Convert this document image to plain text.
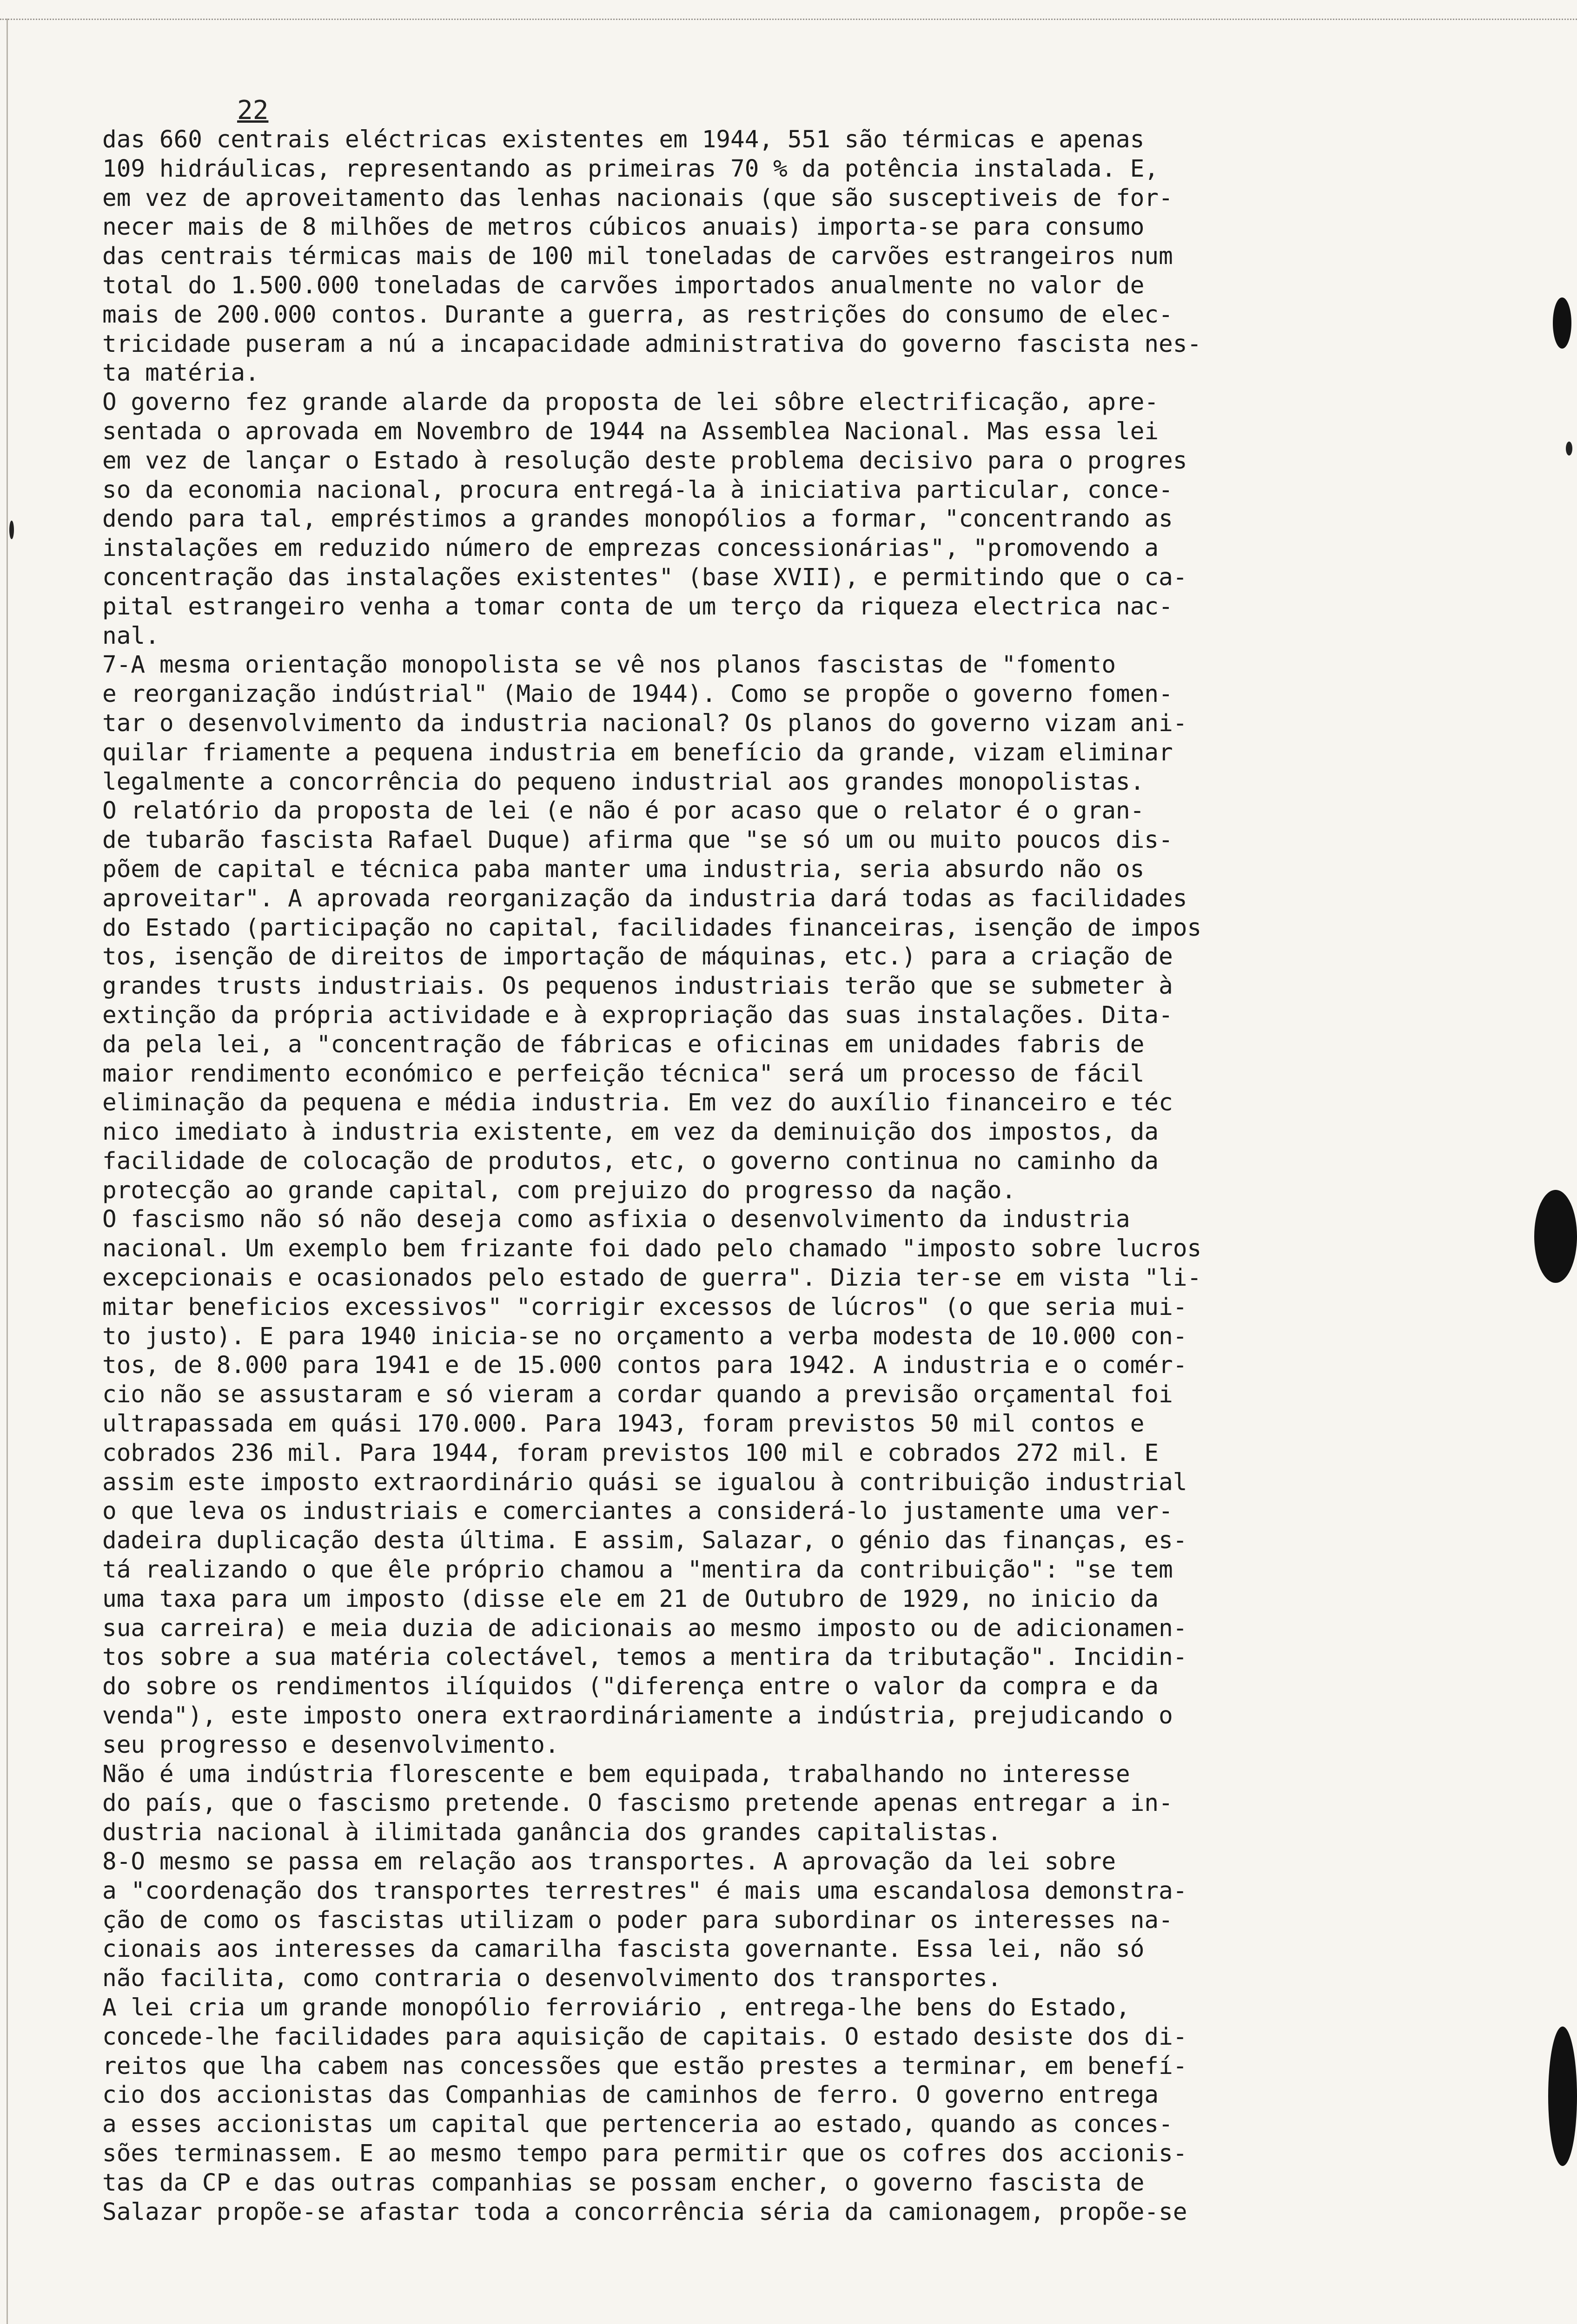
22
das 660 centrais eléctricas existentes em 1944, 551 são térmicas e apenas
109 hidráulicas, representando as primeiras 70 % da potência instalada. E,
em vez de aproveitamento das lenhas nacionais (que são susceptiveis de for-
necer mais de 8 milhões de metros cúbicos anuais) importa-se para consumo
das centrais térmicas mais de 100 mil toneladas de carvões estrangeiros num
total do 1.500.000 toneladas de carvões importados anualmente no valor de
mais de 200.000 contos. Durante a guerra, as restrições do consumo de elec-
tricidade puseram a nú a incapacidade administrativa do governo fascista nes-
ta matéria.
O governo fez grande alarde da proposta de lei sôbre electrificação, apre-
sentada o aprovada em Novembro de 1944 na Assemblea Nacional. Mas essa lei
em vez de lançar o Estado à resolução deste problema decisivo para o progres
so da economia nacional, procura entregá-la à iniciativa particular, conce-
dendo para tal, empréstimos a grandes monopólios a formar, "concentrando as
instalações em reduzido número de emprezas concessionárias", "promovendo a
concentração das instalações existentes" (base XVII), e permitindo que o ca-
pital estrangeiro venha a tomar conta de um terço da riqueza electrica nac-
nal.
7-A mesma orientação monopolista se vê nos planos fascistas de "fomento
e reorganização indústrial" (Maio de 1944). Como se propõe o governo fomen-
tar o desenvolvimento da industria nacional? Os planos do governo vizam ani-
quilar friamente a pequena industria em benefício da grande, vizam eliminar
legalmente a concorrência do pequeno industrial aos grandes monopolistas.
O relatório da proposta de lei (e não é por acaso que o relator é o gran-
de tubarão fascista Rafael Duque) afirma que "se só um ou muito poucos dis-
põem de capital e técnica paba manter uma industria, seria absurdo não os
aproveitar". A aprovada reorganização da industria dará todas as facilidades
do Estado (participação no capital, facilidades financeiras, isenção de impos
tos, isenção de direitos de importação de máquinas, etc.) para a criação de
grandes trusts industriais. Os pequenos industriais terão que se submeter à
extinção da própria actividade e à expropriação das suas instalações. Dita-
da pela lei, a "concentração de fábricas e oficinas em unidades fabris de
maior rendimento económico e perfeição técnica" será um processo de fácil
eliminação da pequena e média industria. Em vez do auxílio financeiro e téc
nico imediato à industria existente, em vez da deminuição dos impostos, da
facilidade de colocação de produtos, etc, o governo continua no caminho da
protecção ao grande capital, com prejuizo do progresso da nação.
O fascismo não só não deseja como asfixia o desenvolvimento da industria
nacional. Um exemplo bem frizante foi dado pelo chamado "imposto sobre lucros
excepcionais e ocasionados pelo estado de guerra". Dizia ter-se em vista "li-
mitar beneficios excessivos" "corrigir excessos de lúcros" (o que seria mui-
to justo). E para 1940 inicia-se no orçamento a verba modesta de 10.000 con-
tos, de 8.000 para 1941 e de 15.000 contos para 1942. A industria e o comér-
cio não se assustaram e só vieram a cordar quando a previsão orçamental foi
ultrapassada em quási 170.000. Para 1943, foram previstos 50 mil contos e
cobrados 236 mil. Para 1944, foram previstos 100 mil e cobrados 272 mil. E
assim este imposto extraordinário quási se igualou à contribuição industrial
o que leva os industriais e comerciantes a considerá-lo justamente uma ver-
dadeira duplicação desta última. E assim, Salazar, o génio das finanças, es-
tá realizando o que êle próprio chamou a "mentira da contribuição": "se tem
uma taxa para um imposto (disse ele em 21 de Outubro de 1929, no inicio da
sua carreira) e meia duzia de adicionais ao mesmo imposto ou de adicionamen-
tos sobre a sua matéria colectável, temos a mentira da tributação". Incidin-
do sobre os rendimentos ilíquidos ("diferença entre o valor da compra e da
venda"), este imposto onera extraordináriamente a indústria, prejudicando o
seu progresso e desenvolvimento.
Não é uma indústria florescente e bem equipada, trabalhando no interesse
do país, que o fascismo pretende. O fascismo pretende apenas entregar a in-
dustria nacional à ilimitada ganância dos grandes capitalistas.
8-O mesmo se passa em relação aos transportes. A aprovação da lei sobre
a "coordenação dos transportes terrestres" é mais uma escandalosa demonstra-
ção de como os fascistas utilizam o poder para subordinar os interesses na-
cionais aos interesses da camarilha fascista governante. Essa lei, não só
não facilita, como contraria o desenvolvimento dos transportes.
A lei cria um grande monopólio ferroviário , entrega-lhe bens do Estado,
concede-lhe facilidades para aquisição de capitais. O estado desiste dos di-
reitos que lha cabem nas concessões que estão prestes a terminar, em benefí-
cio dos accionistas das Companhias de caminhos de ferro. O governo entrega
a esses accionistas um capital que pertenceria ao estado, quando as conces-
sões terminassem. E ao mesmo tempo para permitir que os cofres dos accionis-
tas da CP e das outras companhias se possam encher, o governo fascista de
Salazar propõe-se afastar toda a concorrência séria da camionagem, propõe-se
